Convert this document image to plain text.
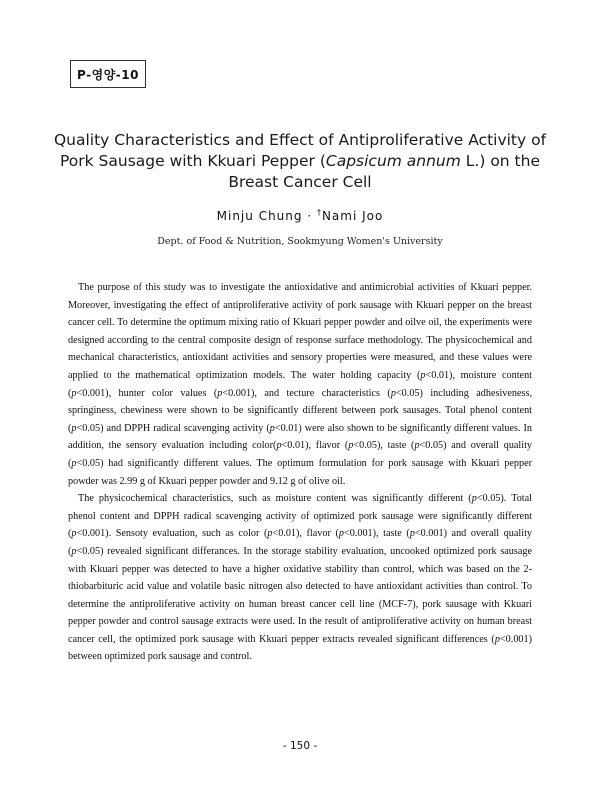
P-영양-10
Quality Characteristics and Effect of Antiproliferative Activity of
Pork Sausage with Kkuari Pepper (Capsicum annum L.) on the
Breast Cancer Cell
Minju Chung · †Nami Joo
Dept. of Food & Nutrition, Sookmyung Women's University

The purpose of this study was to investigate the antioxidative and antimicrobial activities of Kkuari pepper. Moreover, investigating the effect of antiproliferative activity of pork sausage with Kkuari pepper on the breast cancer cell. To determine the optimum mixing ratio of Kkuari pepper powder and oilve oil, the experiments were designed according to the central composite design of response surface methodology. The physicochemical and mechanical characteristics, antioxidant activities and sensory properties were measured, and these values were applied to the mathematical optimization models. The water holding capacity (p<0.01), moisture content (p<0.001), hunter color values (p<0.001), and tecture characteristics (p<0.05) including adhesiveness, springiness, chewiness were shown to be significantly different between pork sausages. Total phenol content (p<0.05) and DPPH radical scavenging activity (p<0.01) were also shown to be significantly different values. In addition, the sensory evaluation including color(p<0.01), flavor (p<0.05), taste (p<0.05) and overall quality (p<0.05) had significantly different values. The optimum formulation for pork sausage with Kkuari pepper powder was 2.99 g of Kkuari pepper powder and 9.12 g of olive oil.

The physicochemical characteristics, such as moisture content was significantly different (p<0.05). Total phenol content and DPPH radical scavenging activity of optimized pork sausage were significantly different (p<0.001). Sensoty evaluation, such as color (p<0.01), flavor (p<0.001), taste (p<0.001) and overall quality (p<0.05) revealed significant differances. In the storage stability evaluation, uncooked optimized pork sausage with Kkuari pepper was detected to have a higher oxidative stability than control, which was based on the 2-thiobarbituric acid value and volatile basic nitrogen also detected to have antioxidant activities than control. To determine the antiproliferative activity on human breast cancer cell line (MCF-7), pork sausage with Kkuari pepper powder and control sausage extracts were used. In the result of antiproliferative activity on human breast cancer cell, the optimized pork sausage with Kkuari pepper extracts revealed significant differences (p<0.001) between optimized pork sausage and control.

- 150 -
